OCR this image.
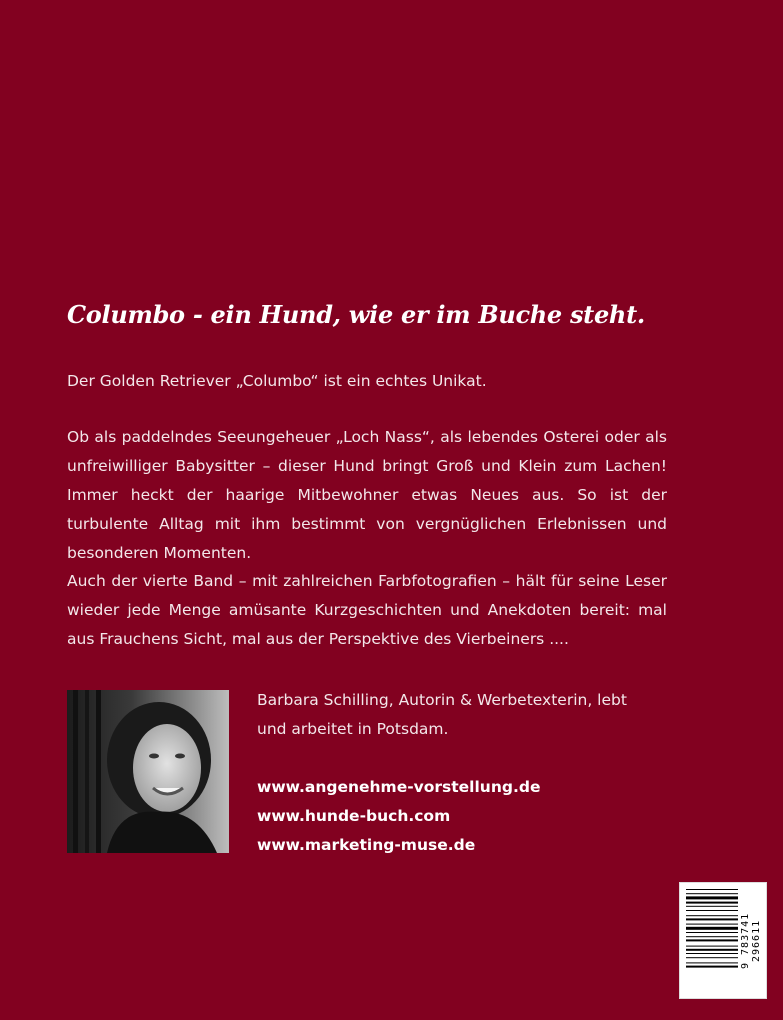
Columbo - ein Hund, wie er im Buche steht.

Der Golden Retriever „Columbo“ ist ein echtes Unikat.

Ob als paddelndes Seeungeheuer „Loch Nass“, als lebendes Osterei oder als unfreiwilliger Babysitter – dieser Hund bringt Groß und Klein zum Lachen! Immer heckt der haarige Mitbewohner etwas Neues aus. So ist der turbulente Alltag mit ihm bestimmt von vergnüglichen Erlebnissen und besonderen Momenten.

Auch der vierte Band – mit zahlreichen Farbfotografien – hält für seine Leser wieder jede Menge amüsante Kurzgeschichten und Anekdoten bereit: mal aus Frauchens Sicht, mal aus der Perspektive des Vierbeiners ....

Barbara Schilling, Autorin & Werbetexterin, lebt und arbeitet in Potsdam.

www.angenehme-vorstellung.de
www.hunde-buch.com
www.marketing-muse.de
9 783741 296611
